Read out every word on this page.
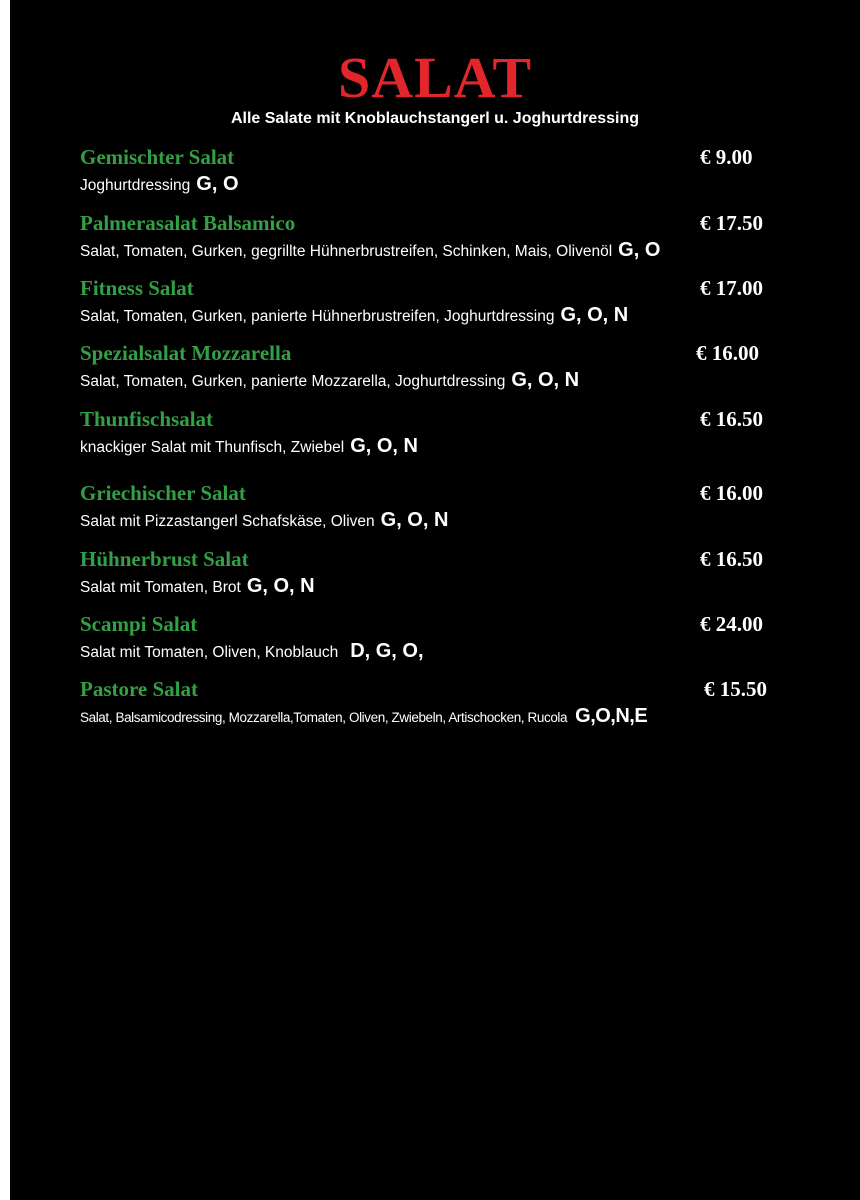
SALAT
Alle Salate mit Knoblauchstangerl u. Joghurtdressing
Gemischter Salat	€ 9.00
Joghurtdressing G, O
Palmerasalat Balsamico	€ 17.50
Salat, Tomaten, Gurken, gegrillte Hühnerbrustreifen, Schinken, Mais, Olivenöl G, O
Fitness Salat	€ 17.00
Salat, Tomaten, Gurken, panierte Hühnerbrustreifen, Joghurtdressing G, O, N
Spezialsalat Mozzarella	€ 16.00
Salat, Tomaten, Gurken, panierte Mozzarella, Joghurtdressing G, O, N
Thunfischsalat	€ 16.50
knackiger Salat mit Thunfisch, Zwiebel G, O, N
Griechischer Salat	€ 16.00
Salat mit Pizzastangerl Schafskäse, Oliven G, O, N
Hühnerbrust Salat	€ 16.50
Salat mit Tomaten, Brot G, O, N
Scampi Salat	€ 24.00
Salat mit Tomaten, Oliven, Knoblauch D, G, O,
Pastore Salat	€ 15.50
Salat, Balsamicodressing, Mozzarella,Tomaten, Oliven, Zwiebeln, Artischocken, Rucola G,O,N,E
